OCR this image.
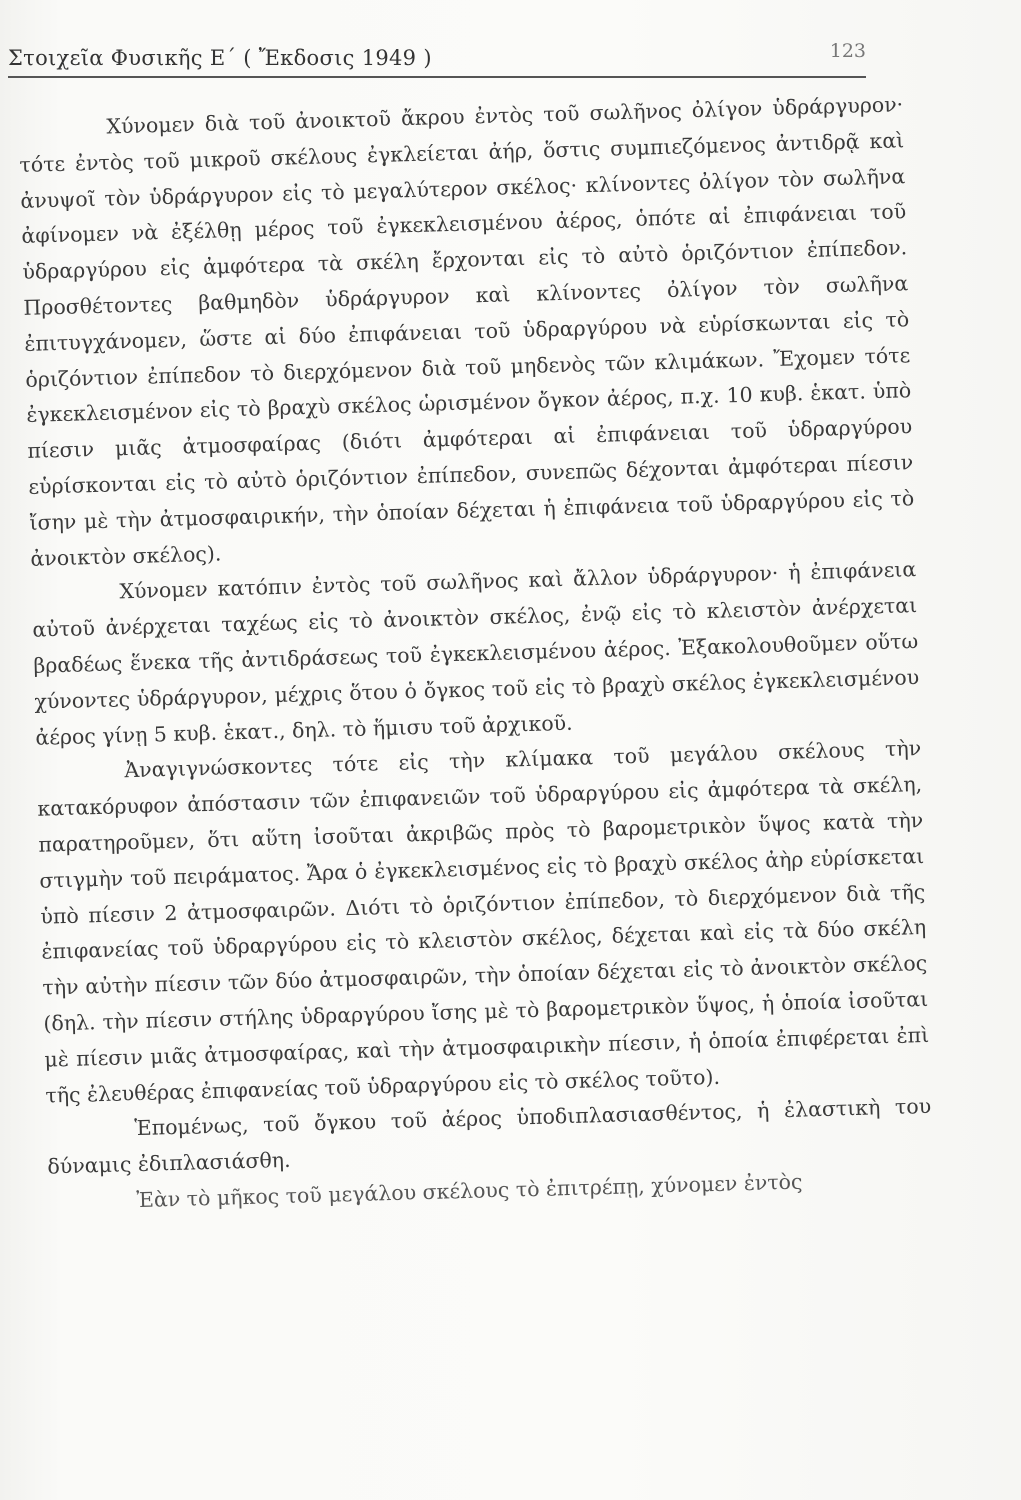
Στοιχεῖα Φυσικῆς Ε΄ ( Ἔκδοσις 1949 )	123

Χύνομεν διὰ τοῦ ἀνοικτοῦ ἄκρου ἐντὸς τοῦ σωλῆνος ὀλίγον ὑδράργυρον· τότε ἐντὸς τοῦ μικροῦ σκέλους ἐγκλείεται ἀήρ, ὅστις συμπιεζόμενος ἀντιδρᾷ καὶ ἀνυψοῖ τὸν ὑδράργυρον εἰς τὸ μεγαλύτερον σκέλος· κλίνοντες ὀλίγον τὸν σωλῆνα ἀφίνομεν νὰ ἐξέλθῃ μέρος τοῦ ἐγκεκλεισμένου ἀέρος, ὁπότε αἱ ἐπιφάνειαι τοῦ ὑδραργύρου εἰς ἀμφότερα τὰ σκέλη ἔρχονται εἰς τὸ αὐτὸ ὁριζόντιον ἐπίπεδον. Προσθέτοντες βαθμηδὸν ὑδράργυρον καὶ κλίνοντες ὀλίγον τὸν σωλῆνα ἐπιτυγχάνομεν, ὥστε αἱ δύο ἐπιφάνειαι τοῦ ὑδραργύρου νὰ εὑρίσκωνται εἰς τὸ ὁριζόντιον ἐπίπεδον τὸ διερχόμενον διὰ τοῦ μηδενὸς τῶν κλιμάκων. Ἔχομεν τότε ἐγκεκλεισμένον εἰς τὸ βραχὺ σκέλος ὡρισμένον ὄγκον ἀέρος, π.χ. 10 κυβ. ἑκατ. ὑπὸ πίεσιν μιᾶς ἀτμοσφαίρας (διότι ἀμφότεραι αἱ ἐπιφάνειαι τοῦ ὑδραργύρου εὑρίσκονται εἰς τὸ αὐτὸ ὁριζόντιον ἐπίπεδον, συνεπῶς δέχονται ἀμφότεραι πίεσιν ἴσην μὲ τὴν ἀτμοσφαιρικήν, τὴν ὁποίαν δέχεται ἡ ἐπιφάνεια τοῦ ὑδραργύρου εἰς τὸ ἀνοικτὸν σκέλος).

Χύνομεν κατόπιν ἐντὸς τοῦ σωλῆνος καὶ ἄλλον ὑδράργυρον· ἡ ἐπιφάνεια αὐτοῦ ἀνέρχεται ταχέως εἰς τὸ ἀνοικτὸν σκέλος, ἐνῷ εἰς τὸ κλειστὸν ἀνέρχεται βραδέως ἕνεκα τῆς ἀντιδράσεως τοῦ ἐγκεκλεισμένου ἀέρος. Ἐξακολουθοῦμεν οὕτω χύνοντες ὑδράργυρον, μέχρις ὅτου ὁ ὄγκος τοῦ εἰς τὸ βραχὺ σκέλος ἐγκεκλεισμένου ἀέρος γίνῃ 5 κυβ. ἑκατ., δηλ. τὸ ἥμισυ τοῦ ἀρχικοῦ.

Ἀναγιγνώσκοντες τότε εἰς τὴν κλίμακα τοῦ μεγάλου σκέλους τὴν κατακόρυφον ἀπόστασιν τῶν ἐπιφανειῶν τοῦ ὑδραργύρου εἰς ἀμφότερα τὰ σκέλη, παρατηροῦμεν, ὅτι αὕτη ἰσοῦται ἀκριβῶς πρὸς τὸ βαρομετρικὸν ὕψος κατὰ τὴν στιγμὴν τοῦ πειράματος. Ἄρα ὁ ἐγκεκλεισμένος εἰς τὸ βραχὺ σκέλος ἀὴρ εὑρίσκεται ὑπὸ πίεσιν 2 ἀτμοσφαιρῶν. Διότι τὸ ὁριζόντιον ἐπίπεδον, τὸ διερχόμενον διὰ τῆς ἐπιφανείας τοῦ ὑδραργύρου εἰς τὸ κλειστὸν σκέλος, δέχεται καὶ εἰς τὰ δύο σκέλη τὴν αὐτὴν πίεσιν τῶν δύο ἀτμοσφαιρῶν, τὴν ὁποίαν δέχεται εἰς τὸ ἀνοικτὸν σκέλος (δηλ. τὴν πίεσιν στήλης ὑδραργύρου ἴσης μὲ τὸ βαρομετρικὸν ὕψος, ἡ ὁποία ἰσοῦται μὲ πίεσιν μιᾶς ἀτμοσφαίρας, καὶ τὴν ἀτμοσφαιρικὴν πίεσιν, ἡ ὁποία ἐπιφέρεται ἐπὶ τῆς ἐλευθέρας ἐπιφανείας τοῦ ὑδραργύρου εἰς τὸ σκέλος τοῦτο).

Ἑπομένως, τοῦ ὄγκου τοῦ ἀέρος ὑποδιπλασιασθέντος, ἡ ἐλαστικὴ του δύναμις ἐδιπλασιάσθη.

Ἐὰν τὸ μῆκος τοῦ μεγάλου σκέλους τὸ ἐπιτρέπῃ, χύνομεν ἐντὸς
